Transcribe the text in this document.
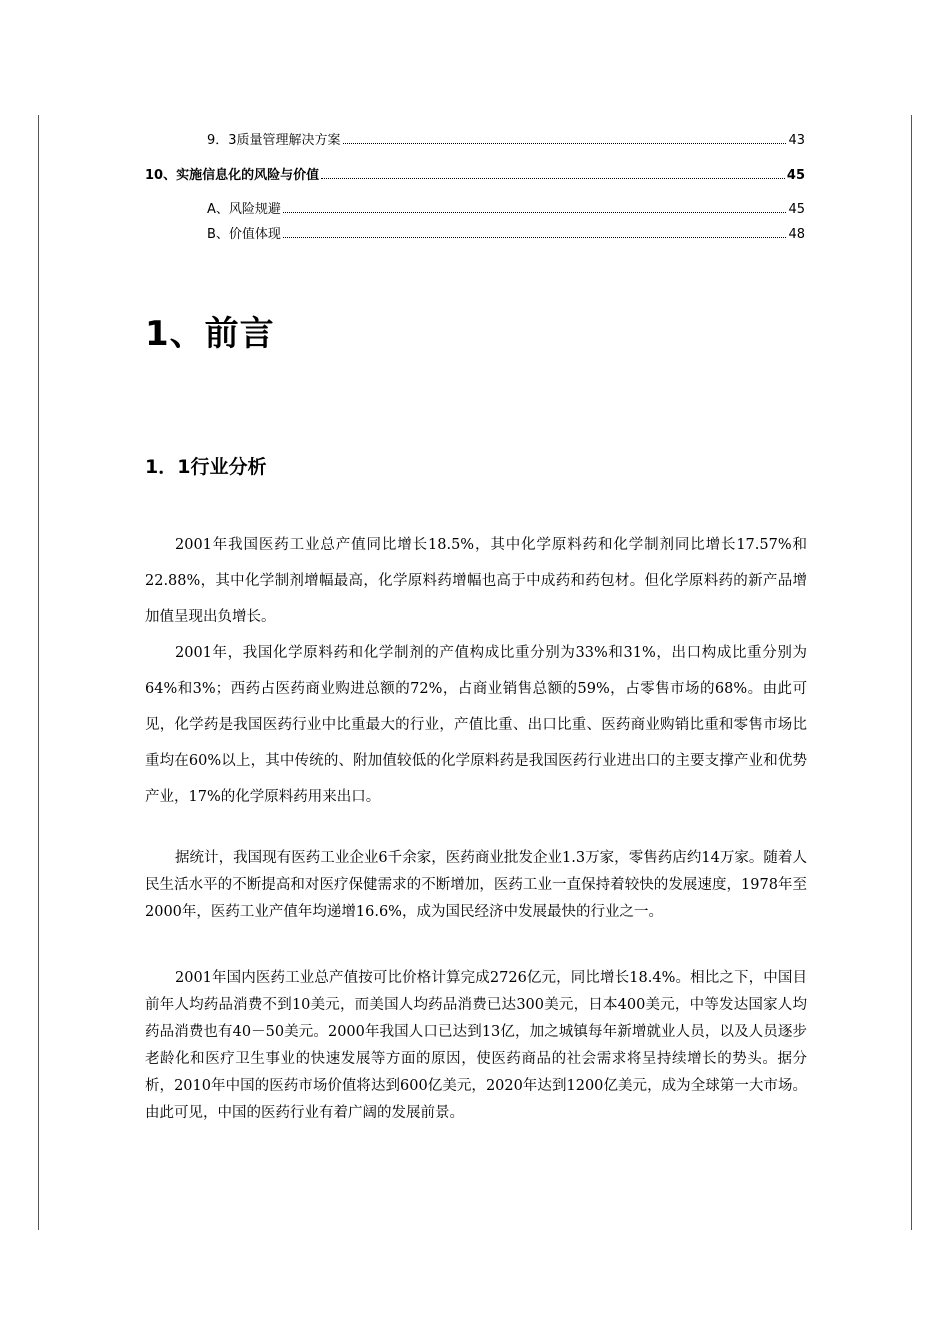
9．3质量管理解决方案	43
10、实施信息化的风险与价值	45
A、风险规避	45
B、价值体现	48
1、前言
1．1行业分析

2001年我国医药工业总产值同比增长18.5%，其中化学原料药和化学制剂同比增长17.57%和22.88%，其中化学制剂增幅最高，化学原料药增幅也高于中成药和药包材。但化学原料药的新产品增加值呈现出负增长。

2001年，我国化学原料药和化学制剂的产值构成比重分别为33%和31%，出口构成比重分别为64%和3%；西药占医药商业购进总额的72%，占商业销售总额的59%，占零售市场的68%。由此可见，化学药是我国医药行业中比重最大的行业，产值比重、出口比重、医药商业购销比重和零售市场比重均在60%以上，其中传统的、附加值较低的化学原料药是我国医药行业进出口的主要支撑产业和优势产业，17%的化学原料药用来出口。

据统计，我国现有医药工业企业6千余家，医药商业批发企业1.3万家，零售药店约14万家。随着人民生活水平的不断提高和对医疗保健需求的不断增加，医药工业一直保持着较快的发展速度，1978年至2000年，医药工业产值年均递增16.6%，成为国民经济中发展最快的行业之一。

2001年国内医药工业总产值按可比价格计算完成2726亿元，同比增长18.4%。相比之下，中国目前年人均药品消费不到10美元，而美国人均药品消费已达300美元，日本400美元，中等发达国家人均药品消费也有40－50美元。2000年我国人口已达到13亿，加之城镇每年新增就业人员，以及人员逐步老龄化和医疗卫生事业的快速发展等方面的原因，使医药商品的社会需求将呈持续增长的势头。据分析，2010年中国的医药市场价值将达到600亿美元，2020年达到1200亿美元，成为全球第一大市场。由此可见，中国的医药行业有着广阔的发展前景。
